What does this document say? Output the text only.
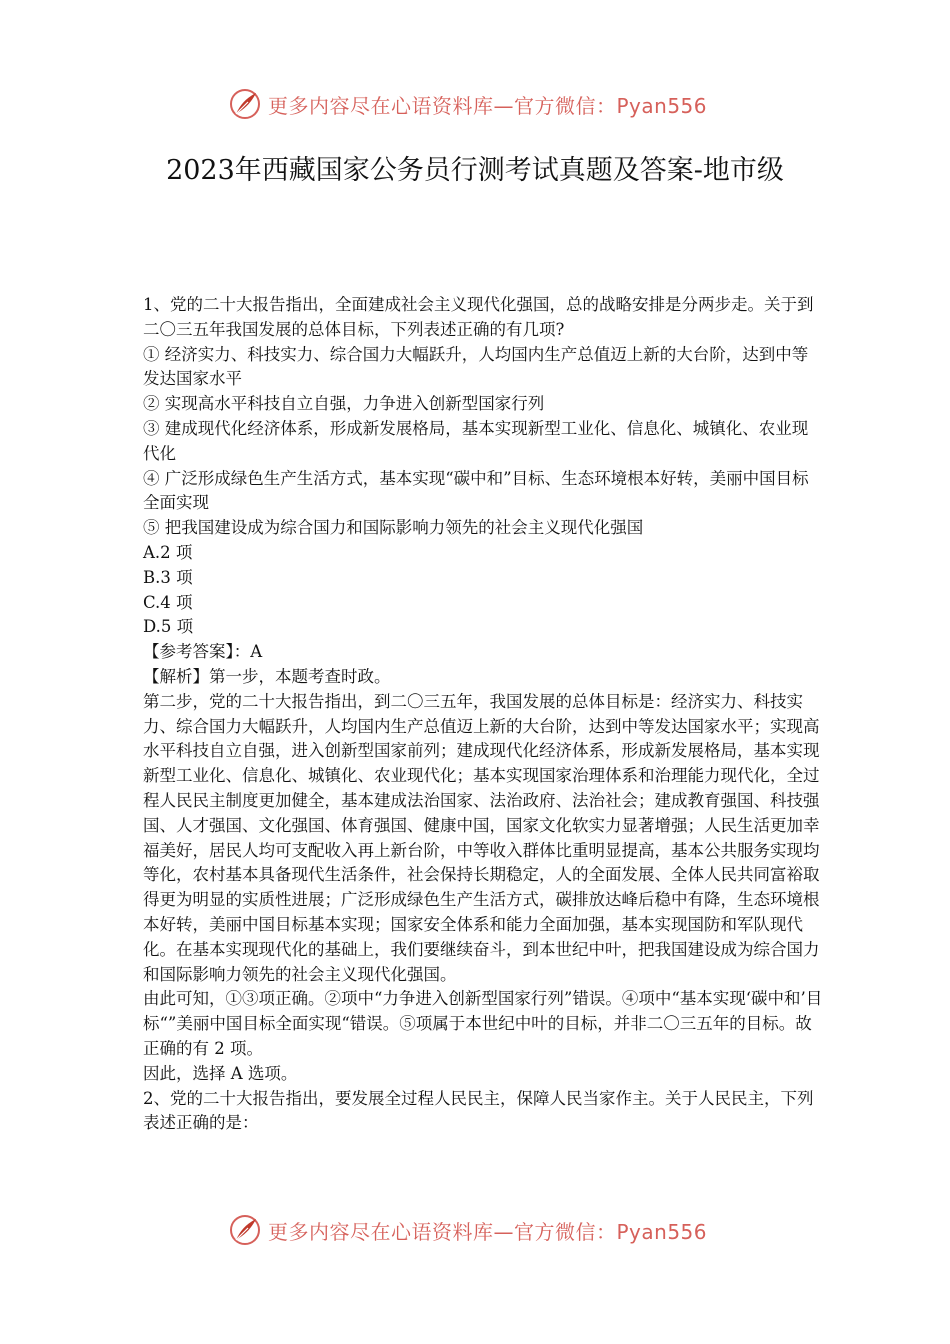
更多内容尽在心语资料库—官方微信：Pyan556
2023年西藏国家公务员行测考试真题及答案-地市级

1、党的二十大报告指出，全面建成社会主义现代化强国，总的战略安排是分两步走。关于到二〇三五年我国发展的总体目标，下列表述正确的有几项?

① 经济实力、科技实力、综合国力大幅跃升，人均国内生产总值迈上新的大台阶，达到中等发达国家水平

② 实现高水平科技自立自强，力争进入创新型国家行列

③ 建成现代化经济体系，形成新发展格局，基本实现新型工业化、信息化、城镇化、农业现代化

④ 广泛形成绿色生产生活方式，基本实现“碳中和”目标、生态环境根本好转，美丽中国目标全面实现

⑤ 把我国建设成为综合国力和国际影响力领先的社会主义现代化强国

A.2 项

B.3 项

C.4 项

D.5 项

【参考答案】：A

【解析】第一步，本题考查时政。

第二步，党的二十大报告指出，到二〇三五年，我国发展的总体目标是：经济实力、科技实力、综合国力大幅跃升，人均国内生产总值迈上新的大台阶，达到中等发达国家水平；实现高水平科技自立自强，进入创新型国家前列；建成现代化经济体系，形成新发展格局，基本实现新型工业化、信息化、城镇化、农业现代化；基本实现国家治理体系和治理能力现代化，全过程人民民主制度更加健全，基本建成法治国家、法治政府、法治社会；建成教育强国、科技强国、人才强国、文化强国、体育强国、健康中国，国家文化软实力显著增强；人民生活更加幸福美好，居民人均可支配收入再上新台阶，中等收入群体比重明显提高，基本公共服务实现均等化，农村基本具备现代生活条件，社会保持长期稳定，人的全面发展、全体人民共同富裕取得更为明显的实质性进展；广泛形成绿色生产生活方式，碳排放达峰后稳中有降，生态环境根本好转，美丽中国目标基本实现；国家安全体系和能力全面加强，基本实现国防和军队现代化。在基本实现现代化的基础上，我们要继续奋斗，到本世纪中叶，把我国建设成为综合国力和国际影响力领先的社会主义现代化强国。

由此可知，①③项正确。②项中“力争进入创新型国家行列”错误。④项中“基本实现‘碳中和’目标“”美丽中国目标全面实现“错误。⑤项属于本世纪中叶的目标，并非二〇三五年的目标。故正确的有 2 项。

因此，选择 A 选项。

2、党的二十大报告指出，要发展全过程人民民主，保障人民当家作主。关于人民民主，下列表述正确的是：

更多内容尽在心语资料库—官方微信：Pyan556
